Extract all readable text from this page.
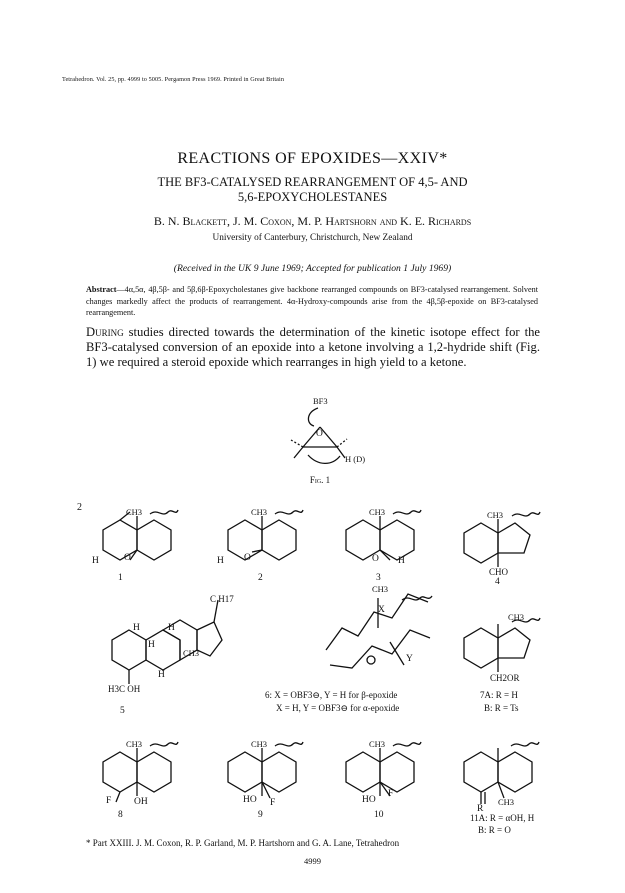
Tetrahedron. Vol. 25, pp. 4999 to 5005. Pergamon Press 1969. Printed in Great Britain
REACTIONS OF EPOXIDES—XXIV*
THE BF3-CATALYSED REARRANGEMENT OF 4,5- AND
5,6-EPOXYCHOLESTANES
B. N. Blackett, J. M. Coxon, M. P. Hartshorn and K. E. Richards
University of Canterbury, Christchurch, New Zealand
(Received in the UK 9 June 1969; Accepted for publication 1 July 1969)
Abstract—4α,5α, 4β,5β- and 5β,6β-Epoxycholestanes give backbone rearranged compounds on BF3-catalysed rearrangement. Solvent changes markedly affect the products of rearrangement. 4α-Hydroxy-compounds arise from the 4β,5β-epoxide on BF3-catalysed rearrangement.
During studies directed towards the determination of the kinetic isotope effect for the BF3-catalysed conversion of an epoxide into a ketone involving a 1,2-hydride shift (Fig. 1) we required a steroid epoxide which rearranges in high yield to a ketone.
BF3
O
H (D)
Fig. 1
2	CH3
H	O
1
CH3
H O
2
CH3
O H
3
CH3
CHO
4
C H17
CH3
X
Y
CH3
H	H
H
CH3
H
H3C OH
5
CH2OR
6: X = OBF3⊖, Y = H for β-epoxide
X = H, Y = OBF3⊖ for α-epoxide
7A: R = H
B: R = Ts
CH3
F OH
8
CH3
HO F
9
CH3
HO
F
10
R
CH3
11A: R = αOH, H
B: R = O
* Part XXIII. J. M. Coxon, R. P. Garland, M. P. Hartshorn and G. A. Lane, Tetrahedron
4999
